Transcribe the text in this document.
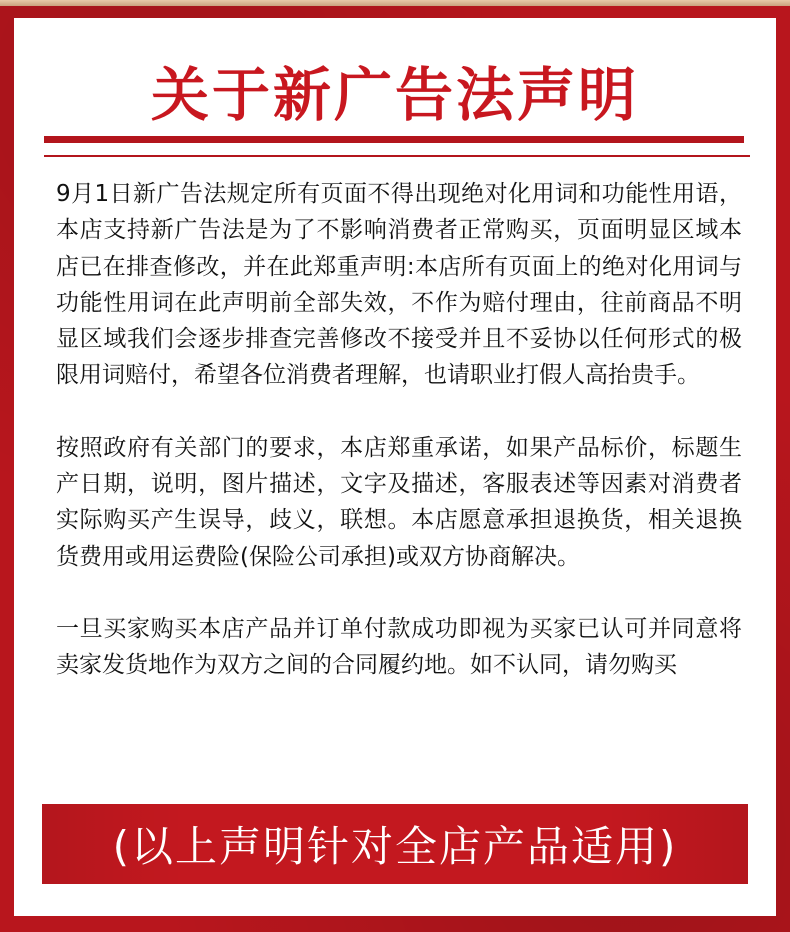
关于新广告法声明

9月1日新广告法规定所有页面不得出现绝对化用词和功能性用语，本店支持新广告法是为了不影响消费者正常购买，页面明显区域本店已在排查修改，并在此郑重声明:本店所有页面上的绝对化用词与功能性用词在此声明前全部失效，不作为赔付理由，往前商品不明显区域我们会逐步排查完善修改不接受并且不妥协以任何形式的极限用词赔付，希望各位消费者理解，也请职业打假人高抬贵手。

按照政府有关部门的要求，本店郑重承诺，如果产品标价，标题生产日期，说明，图片描述，文字及描述，客服表述等因素对消费者实际购买产生误导，歧义，联想。本店愿意承担退换货，相关退换货费用或用运费险(保险公司承担)或双方协商解决。

一旦买家购买本店产品并订单付款成功即视为买家已认可并同意将卖家发货地作为双方之间的合同履约地。如不认同，请勿购买

(以上声明针对全店产品适用)
